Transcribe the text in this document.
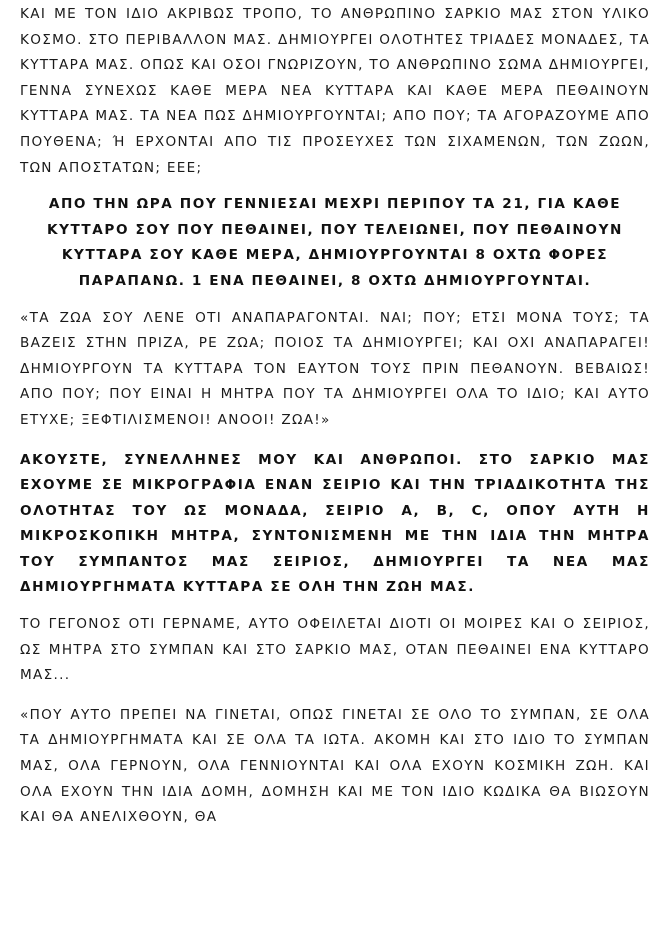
ΚΑΙ ΜΕ ΤΟΝ ΙΔΙΟ ΑΚΡΙΒΩΣ ΤΡΟΠΟ, ΤΟ ΑΝΘΡΩΠΙΝΟ ΣΑΡΚΙΟ ΜΑΣ ΣΤΟΝ ΥΛΙΚΟ ΚΟΣΜΟ. ΣΤΟ ΠΕΡΙΒΑΛΛΟΝ ΜΑΣ. ΔΗΜΙΟΥΡΓΕΙ ΟΛΟΤΗΤΕΣ ΤΡΙΑΔΕΣ ΜΟΝΑΔΕΣ, ΤΑ ΚΥΤΤΑΡΑ ΜΑΣ. ΟΠΩΣ ΚΑΙ ΟΣΟΙ ΓΝΩΡΙΖΟΥΝ, ΤΟ ΑΝΘΡΩΠΙΝΟ ΣΩΜΑ ΔΗΜΙΟΥΡΓΕΙ, ΓΕΝΝΑ ΣΥΝΕΧΩΣ ΚΑΘΕ ΜΕΡΑ ΝΕΑ ΚΥΤΤΑΡΑ ΚΑΙ ΚΑΘΕ ΜΕΡΑ ΠΕΘΑΙΝΟΥΝ ΚΥΤΤΑΡΑ ΜΑΣ. ΤΑ ΝΕΑ ΠΩΣ ΔΗΜΙΟΥΡΓΟΥΝΤΑΙ; ΑΠΟ ΠΟΥ; ΤΑ ΑΓΟΡΑΖΟΥΜΕ ΑΠΟ ΠΟΥΘΕΝΑ; Ή ΕΡΧΟΝΤΑΙ ΑΠΟ ΤΙΣ ΠΡΟΣΕΥΧΕΣ ΤΩΝ ΣΙΧΑΜΕΝΩΝ, ΤΩΝ ΖΩΩΝ, ΤΩΝ ΑΠΟΣΤΑΤΩΝ; ΕΕΕ;

ΑΠΟ ΤΗΝ ΩΡΑ ΠΟΥ ΓΕΝΝΙΕΣΑΙ ΜΕΧΡΙ ΠΕΡΙΠΟΥ ΤΑ 21, ΓΙΑ ΚΑΘΕ ΚΥΤΤΑΡΟ ΣΟΥ ΠΟΥ ΠΕΘΑΙΝΕΙ, ΠΟΥ ΤΕΛΕΙΩΝΕΙ, ΠΟΥ ΠΕΘΑΙΝΟΥΝ ΚΥΤΤΑΡΑ ΣΟΥ ΚΑΘΕ ΜΕΡΑ, ΔΗΜΙΟΥΡΓΟΥΝΤΑΙ 8 ΟΧΤΩ ΦΟΡΕΣ ΠΑΡΑΠΑΝΩ. 1 ΕΝΑ ΠΕΘΑΙΝΕΙ, 8 ΟΧΤΩ ΔΗΜΙΟΥΡΓΟΥΝΤΑΙ.

«ΤΑ ΖΩΑ ΣΟΥ ΛΕΝΕ ΟΤΙ ΑΝΑΠΑΡΑΓΟΝΤΑΙ. ΝΑΙ; ΠΟΥ; ΕΤΣΙ ΜΟΝΑ ΤΟΥΣ; ΤΑ ΒΑΖΕΙΣ ΣΤΗΝ ΠΡΙΖΑ, ΡΕ ΖΩΑ; ΠΟΙΟΣ ΤΑ ΔΗΜΙΟΥΡΓΕΙ; ΚΑΙ ΟΧΙ ΑΝΑΠΑΡΑΓΕΙ! ΔΗΜΙΟΥΡΓΟΥΝ ΤΑ ΚΥΤΤΑΡΑ ΤΟΝ ΕΑΥΤΟΝ ΤΟΥΣ ΠΡΙΝ ΠΕΘΑΝΟΥΝ. ΒΕΒΑΙΩΣ! ΑΠΟ ΠΟΥ; ΠΟΥ ΕΙΝΑΙ Η ΜΗΤΡΑ ΠΟΥ ΤΑ ΔΗΜΙΟΥΡΓΕΙ ΟΛΑ ΤΟ ΙΔΙΟ; ΚΑΙ ΑΥΤΟ ΕΤΥΧΕ; ΞΕΦΤΙΛΙΣΜΕΝΟΙ! ΑΝΟΟΙ! ΖΩΑ!»

ΑΚΟΥΣΤΕ, ΣΥΝΕΛΛΗΝΕΣ ΜΟΥ ΚΑΙ ΑΝΘΡΩΠΟΙ. ΣΤΟ ΣΑΡΚΙΟ ΜΑΣ ΕΧΟΥΜΕ ΣΕ ΜΙΚΡΟΓΡΑΦΙΑ ΕΝΑΝ ΣΕΙΡΙΟ ΚΑΙ ΤΗΝ ΤΡΙΑΔΙΚΟΤΗΤΑ ΤΗΣ ΟΛΟΤΗΤΑΣ ΤΟΥ ΩΣ ΜΟΝΑΔΑ, ΣΕΙΡΙΟ Α, Β, C, ΟΠΟΥ ΑΥΤΗ Η ΜΙΚΡΟΣΚΟΠΙΚΗ ΜΗΤΡΑ, ΣΥΝΤΟΝΙΣΜΕΝΗ ΜΕ ΤΗΝ ΙΔΙΑ ΤΗΝ ΜΗΤΡΑ ΤΟΥ ΣΥΜΠΑΝΤΟΣ ΜΑΣ ΣΕΙΡΙΟΣ, ΔΗΜΙΟΥΡΓΕΙ ΤΑ ΝΕΑ ΜΑΣ ΔΗΜΙΟΥΡΓΗΜΑΤΑ ΚΥΤΤΑΡΑ ΣΕ ΟΛΗ ΤΗΝ ΖΩΗ ΜΑΣ.

ΤΟ ΓΕΓΟΝΟΣ ΟΤΙ ΓΕΡΝΑΜΕ, ΑΥΤΟ ΟΦΕΙΛΕΤΑΙ ΔΙΟΤΙ ΟΙ ΜΟΙΡΕΣ ΚΑΙ Ο ΣΕΙΡΙΟΣ, ΩΣ ΜΗΤΡΑ ΣΤΟ ΣΥΜΠΑΝ ΚΑΙ ΣΤΟ ΣΑΡΚΙΟ ΜΑΣ, ΟΤΑΝ ΠΕΘΑΙΝΕΙ ΕΝΑ ΚΥΤΤΑΡΟ ΜΑΣ...

«ΠΟΥ ΑΥΤΟ ΠΡΕΠΕΙ ΝΑ ΓΙΝΕΤΑΙ, ΟΠΩΣ ΓΙΝΕΤΑΙ ΣΕ ΟΛΟ ΤΟ ΣΥΜΠΑΝ, ΣΕ ΟΛΑ ΤΑ ΔΗΜΙΟΥΡΓΗΜΑΤΑ ΚΑΙ ΣΕ ΟΛΑ ΤΑ ΙΩΤΑ. ΑΚΟΜΗ ΚΑΙ ΣΤΟ ΙΔΙΟ ΤΟ ΣΥΜΠΑΝ ΜΑΣ, ΟΛΑ ΓΕΡΝΟΥΝ, ΟΛΑ ΓΕΝΝΙΟΥΝΤΑΙ ΚΑΙ ΟΛΑ ΕΧΟΥΝ ΚΟΣΜΙΚΗ ΖΩΗ. ΚΑΙ ΟΛΑ ΕΧΟΥΝ ΤΗΝ ΙΔΙΑ ΔΟΜΗ, ΔΟΜΗΣΗ ΚΑΙ ΜΕ ΤΟΝ ΙΔΙΟ ΚΩΔΙΚΑ ΘΑ ΒΙΩΣΟΥΝ ΚΑΙ ΘΑ ΑΝΕΛΙΧΘΟΥΝ, ΘΑ
